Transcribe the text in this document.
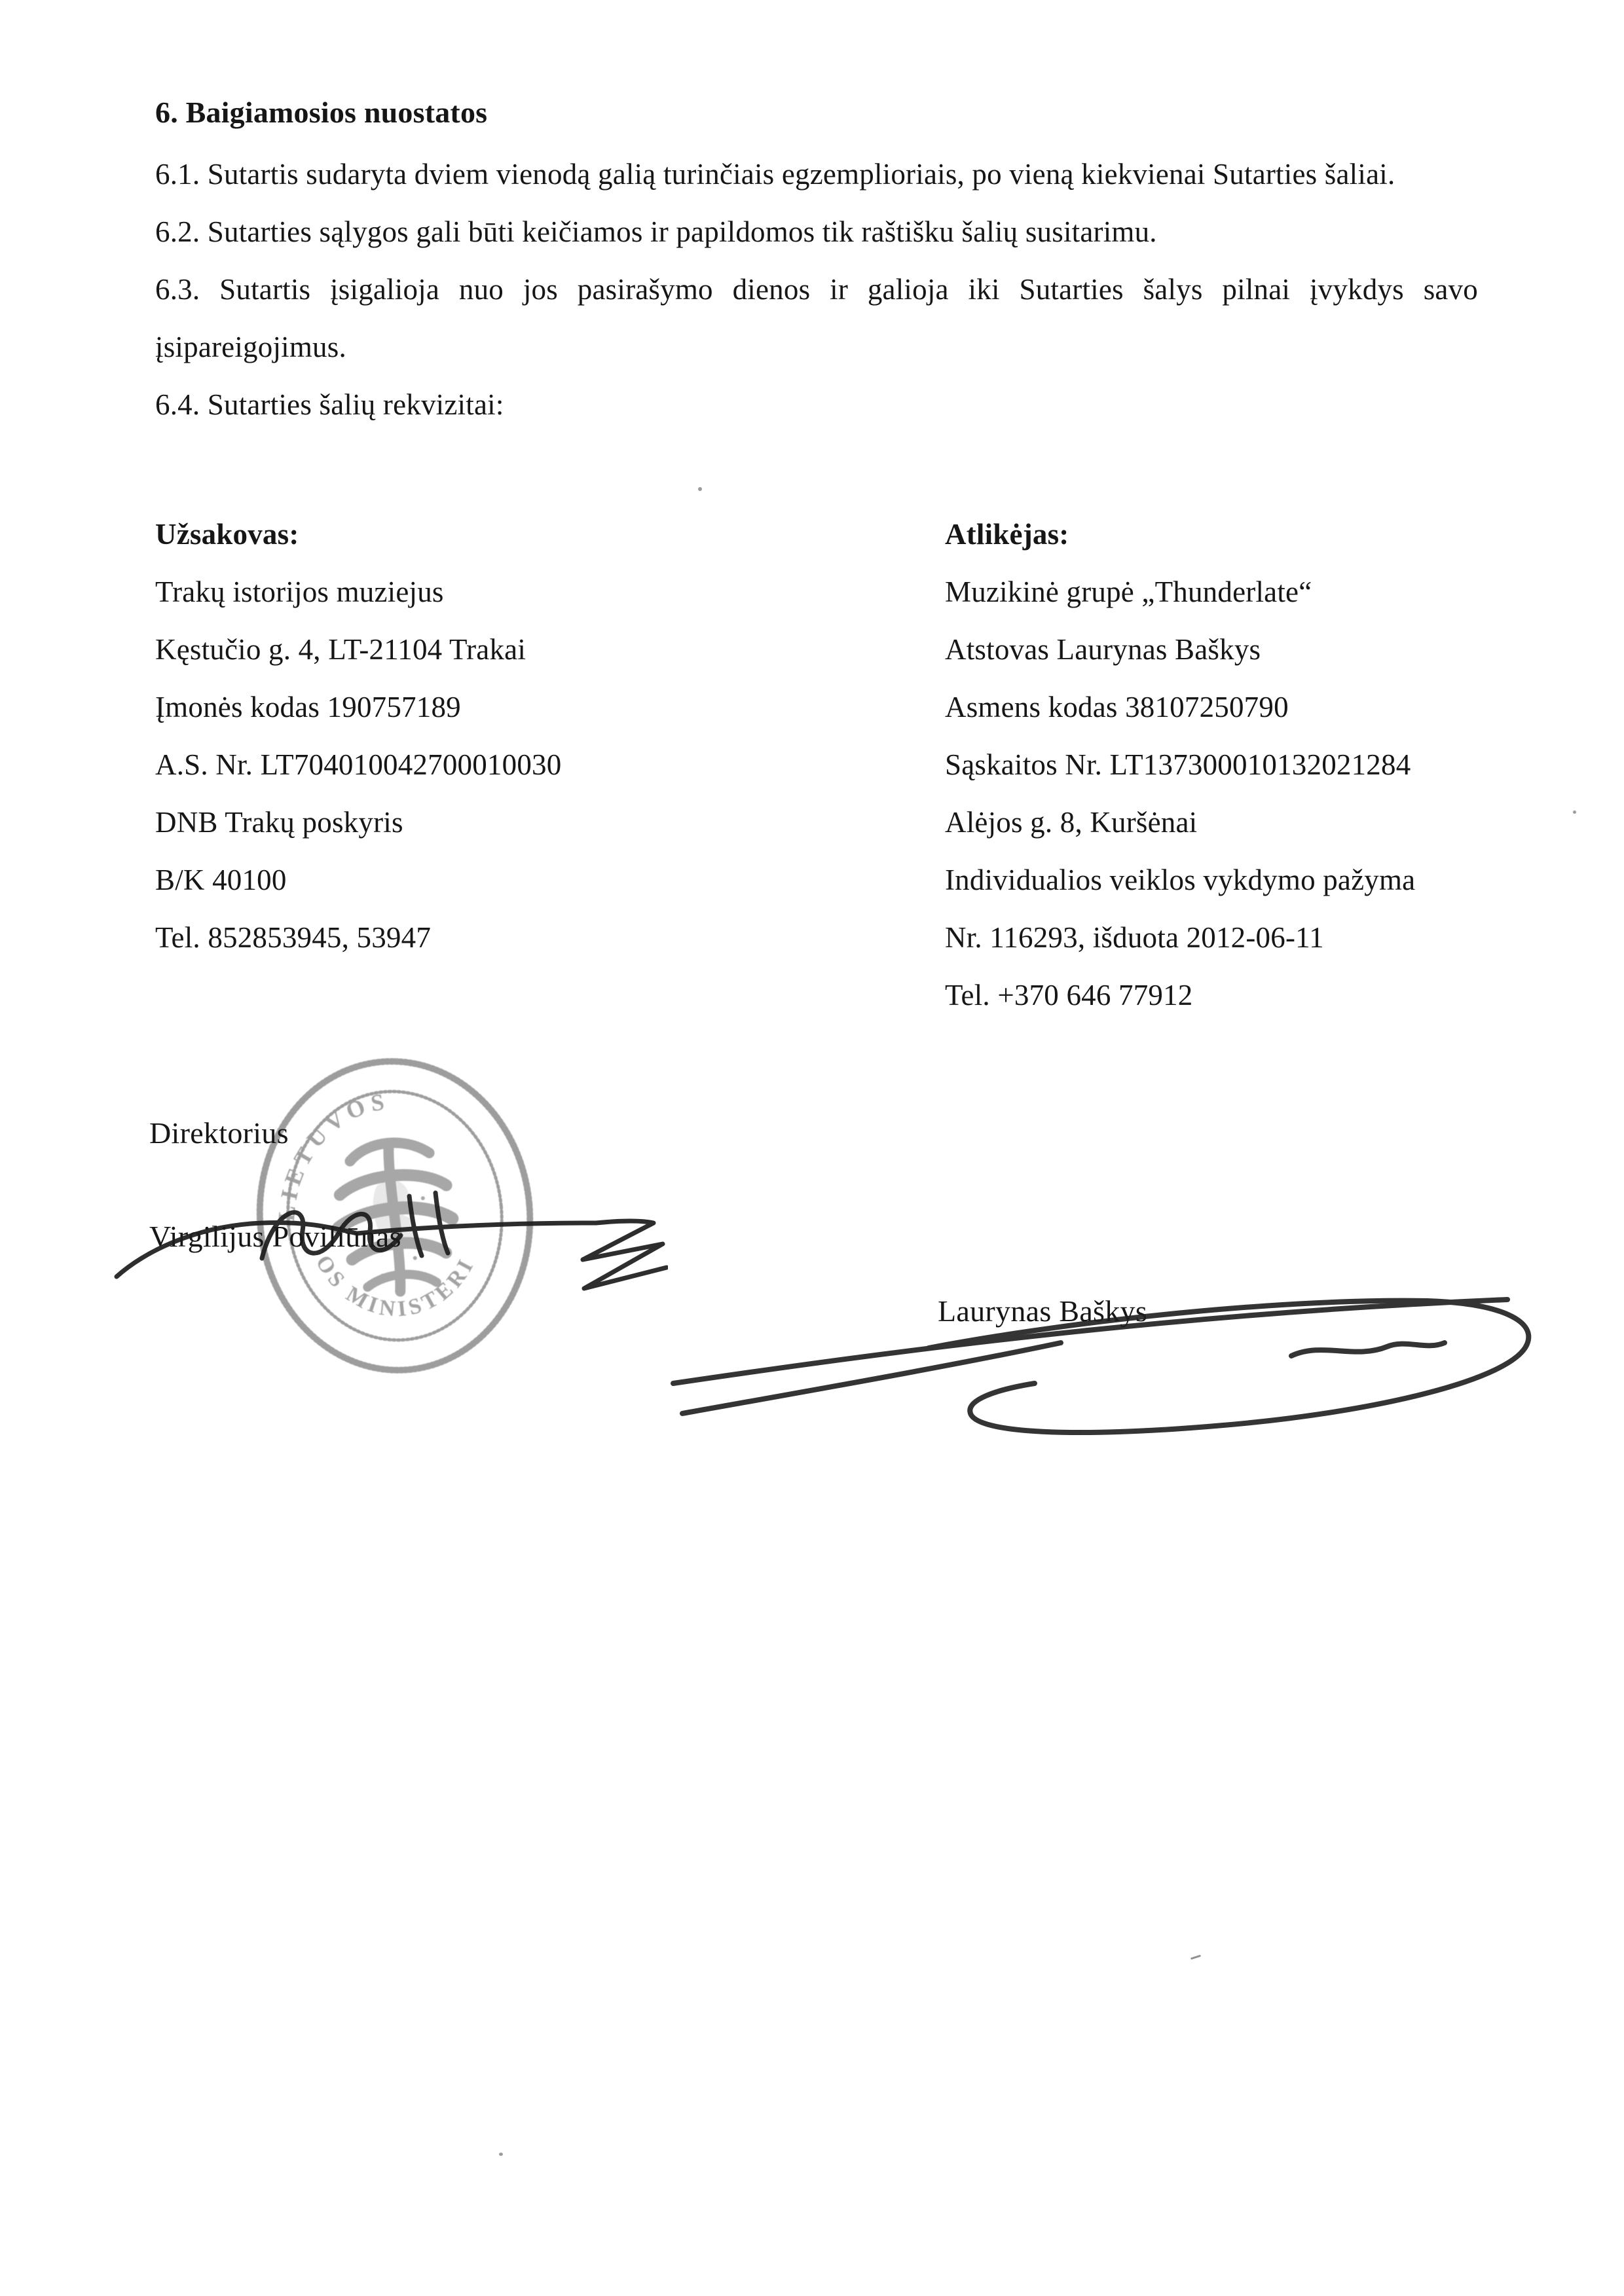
6. Baigiamosios nuostatos

6.1. Sutartis sudaryta dviem vienodą galią turinčiais egzemplioriais, po vieną kiekvienai Sutarties šaliai.

6.2. Sutarties sąlygos gali būti keičiamos ir papildomos tik raštišku šalių susitarimu.

6.3. Sutartis įsigalioja nuo jos pasirašymo dienos ir galioja iki Sutarties šalys pilnai įvykdys savo

įsipareigojimus.

6.4. Sutarties šalių rekvizitai:

Užsakovas:
Trakų istorijos muziejus
Kęstučio g. 4, LT-21104 Trakai
Įmonės kodas 190757189
A.S. Nr. LT704010042700010030
DNB Trakų poskyris
B/K 40100
Tel. 852853945, 53947
Atlikėjas:
Muzikinė grupė „Thunderlate“
Atstovas Laurynas Baškys
Asmens kodas 38107250790
Sąskaitos Nr. LT137300010132021284
Alėjos g. 8, Kuršėnai
Individualios veiklos vykdymo pažyma
Nr. 116293, išduota 2012-06-11
Tel. +370 646 77912
LIETUVOS
OS MINISTERI

Direktorius

Virgilijus Poviliūnas

Laurynas Baškys
